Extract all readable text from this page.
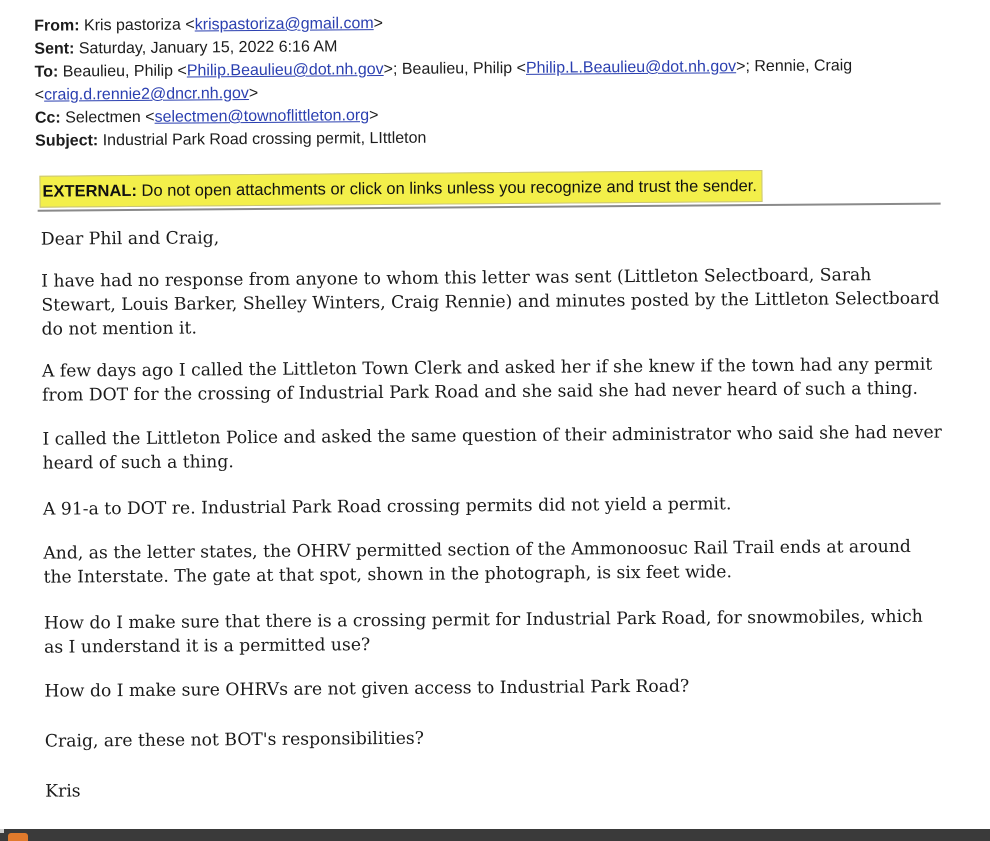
From: Kris pastoriza <krispastoriza@gmail.com>
Sent: Saturday, January 15, 2022 6:16 AM
To: Beaulieu, Philip <Philip.Beaulieu@dot.nh.gov>; Beaulieu, Philip <Philip.L.Beaulieu@dot.nh.gov>; Rennie, Craig
<craig.d.rennie2@dncr.nh.gov>
Cc: Selectmen <selectmen@townoflittleton.org>
Subject: Industrial Park Road crossing permit, LIttleton
EXTERNAL: Do not open attachments or click on links unless you recognize and trust the sender.

Dear Phil and Craig,

I have had no response from anyone to whom this letter was sent (Littleton Selectboard, Sarah Stewart, Louis Barker, Shelley Winters, Craig Rennie) and minutes posted by the Littleton Selectboard do not mention it.

A few days ago I called the Littleton Town Clerk and asked her if she knew if the town had any permit from DOT for the crossing of Industrial Park Road and she said she had never heard of such a thing.

I called the Littleton Police and asked the same question of their administrator who said she had never heard of such a thing.

A 91-a to DOT re. Industrial Park Road crossing permits did not yield a permit.

And, as the letter states, the OHRV permitted section of the Ammonoosuc Rail Trail ends at around the Interstate. The gate at that spot, shown in the photograph, is six feet wide.

How do I make sure that there is a crossing permit for Industrial Park Road, for snowmobiles, which as I understand it is a permitted use?

How do I make sure OHRVs are not given access to Industrial Park Road?

Craig, are these not BOT's responsibilities?

Kris
